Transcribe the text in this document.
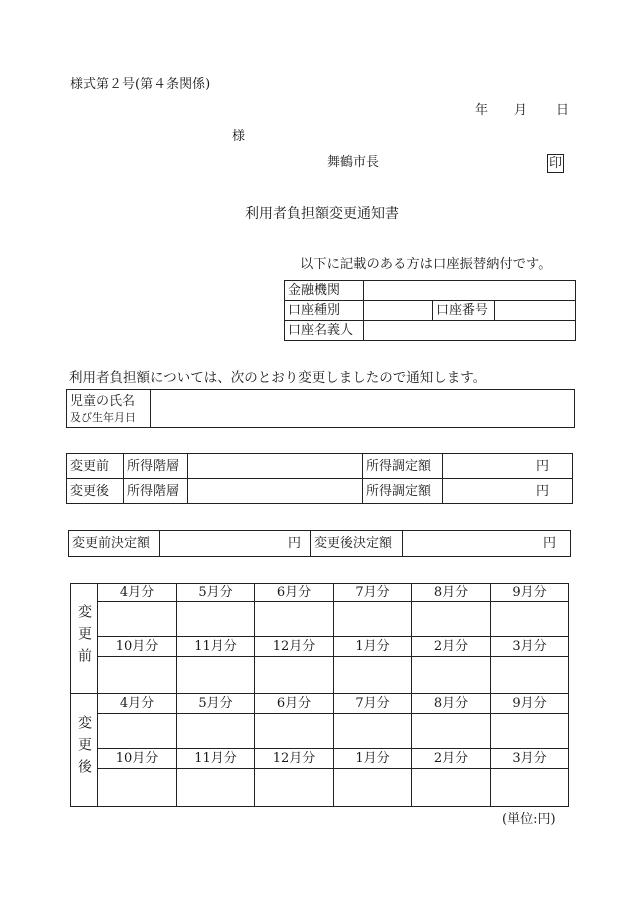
様式第２号(第４条関係)
年 月 日
様
舞鶴市長	印
利用者負担額変更通知書
以下に記載のある方は口座振替納付です。
金融機関			
口座種別		口座番号	
口座名義人			
利用者負担額については、次のとおり変更しましたので通知します。
児童の氏名
及び生年月日

変更前	所得階層		所得調定額	円
変更後	所得階層		所得調定額	円
変更前決定額	円	変更後決定額	円
変更前	4月分	5月分	6月分	7月分	8月分	9月分

	10月分	11月分	12月分	1月分	2月分	3月分

変更後	4月分	5月分	6月分	7月分	8月分	9月分

	10月分	11月分	12月分	1月分	2月分	3月分

(単位:円)
